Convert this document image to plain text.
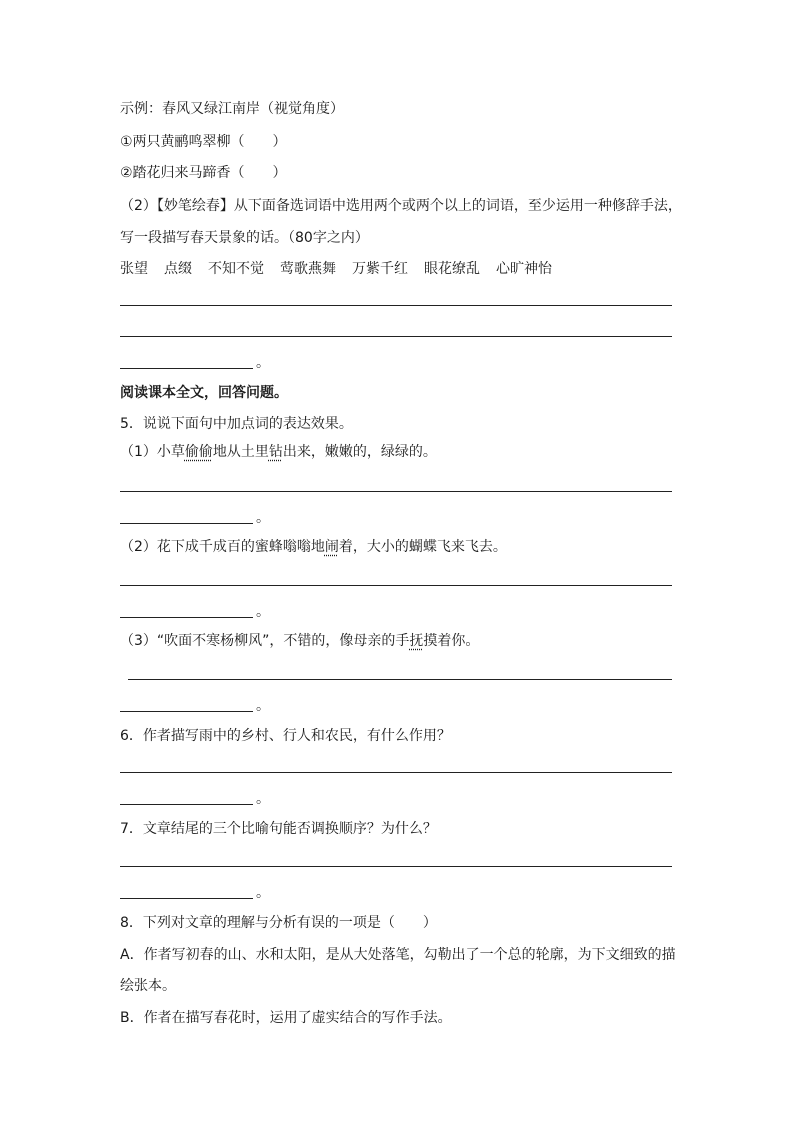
示例：春风又绿江南岸（视觉角度）

①两只黄鹂鸣翠柳（　　）

②踏花归来马蹄香（　　）

（2）【妙笔绘春】从下面备选词语中选用两个或两个以上的词语，至少运用一种修辞手法，

写一段描写春天景象的话。（80字之内）

张望 点缀 不知不觉 莺歌燕舞 万紫千红 眼花缭乱 心旷神怡

。

阅读课本全文，回答问题。

5．说说下面句中加点词的表达效果。

（1）小草偷偷地从土里钻出来，嫩嫩的，绿绿的。

。

（2）花下成千成百的蜜蜂嗡嗡地闹着，大小的蝴蝶飞来飞去。

。

（3）“吹面不寒杨柳风”，不错的，像母亲的手抚摸着你。

。

6．作者描写雨中的乡村、行人和农民，有什么作用？

。

7．文章结尾的三个比喻句能否调换顺序？为什么？

。

8．下列对文章的理解与分析有误的一项是（　　）

A．作者写初春的山、水和太阳，是从大处落笔，勾勒出了一个总的轮廓，为下文细致的描

绘张本。

B．作者在描写春花时，运用了虚实结合的写作手法。
